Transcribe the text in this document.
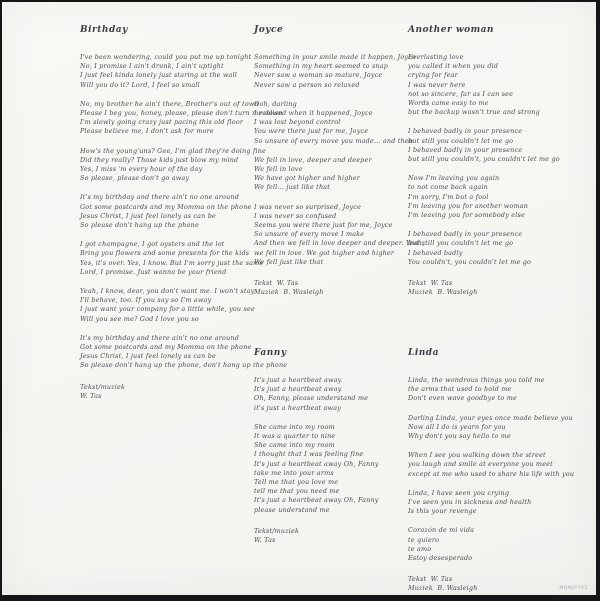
Birthday
I've been wondering, could you put me up tonight
No, I promise I ain't drunk, I ain't uptight
I just feel kinda lonely just staring at the wall
Will you do it? Lord, I feel so small
No, my brother he ain't there, Brother's out of town
Please I beg you, honey, please, please don't turn me down
I'm slowly going crazy just pacing this old floor
Please believe me, I don't ask for more
How's the young'uns? Gee, I'm glad they're doing fine
Did they really? Those kids just blow my mind
Yes, I miss 'm every hour of the day
So please, please don't go away
It's my birthday and there ain't no one around
Got some postcards and my Momma on the phone
Jesus Christ, I just feel lonely as can be
So please don't hang up the phone
I got champagne, I got oysters and the lot
Bring you flowers and some presents for the kids
Yes, it's over. Yes, I know. But I'm sorry just the same
Lord, I promise. Just wanna be your friend
Yeah, I know, dear, you don't want me. I won't stay
I'll behave, too. If you say so I'm away
I just want your company for a little while, you see
Will you see me? God I love you so
It's my birthday and there ain't no one around
Got some postcards and my Momma on the phone
Jesus Christ, I just feel lonely as can be
So please don't hang up the phone, don't hang up the phone
Tekst/muziek
W. Tas
Joyce
Something in your smile made it happen, Joyce
Something in my heart seemed to snap
Never saw a woman so mature, Joyce
Never saw a person so relaxed
Ooh, darling
I realised when it happened, Joyce
I was lost beyond control
You were there just for me, Joyce
So unsure of every move you made... and then
We fell in love, deeper and deeper
We fell in love
We have got higher and higher
We fell... just like that
I was never so surprised, Joyce
I was never so confused
Seems you were there just for me, Joyce
So unsure of every move I make
And then we fell in love deeper and deeper. Yeah,
we fell in love. We got higher and higher
We fell just like that
Tekst  W. Tas
Muziek  B. Wasleigh
Fanny
It's just a heartbeat away
It's just a heartbeat away
Oh, Fanny, please understand me
it's just a heartbeat away
She came into my room
It was a quarter to nine
She came into my room
I thought that I was feeling fine
It's just a heartbeat away Oh, Fanny
take me into your arms
Tell me that you love me
tell me that you need me
It's just a heartbeat away Oh, Fanny
please understand me
Tekst/muziek
W. Tas
Another woman
Everlasting love
you called it when you did
crying for fear
I was never here
not so sincere, far as I can see
Words came easy to me
but the backup wasn't true and strong
I behaved badly in your presence
but still you couldn't let me go
I behaved badly in your presence
but still you couldn't, you couldn't let me go
Now I'm leaving you again
to not come back again
I'm sorry, I'm but a fool
I'm leaving you for another woman
I'm leaving you for somebody else
I behaved badly in your presence
but still you couldn't let me go
I behaved badly
You couldn't, you couldn't let me go
Tekst  W. Tas
Muziek  B. Wasleigh
Linda
Linda, the wondrous things you told me
the arms that used to hold me
Don't even wave goodbye to me
Darling Linda, your eyes once made believe you
Now all I do is yearn for you
Why don't you say hello to me
When I see you walking down the street
you laugh and smile at everyone you meet
except at me who used to share his life with you
Linda, I have seen you crying
I've seen you in sickness and health
Is this your revenge
Corazón de mi vida
te quiero
te amo
Estoy desesperado
Tekst  W. Tas
Muziek  B. Wasleigh	MDMJP702
